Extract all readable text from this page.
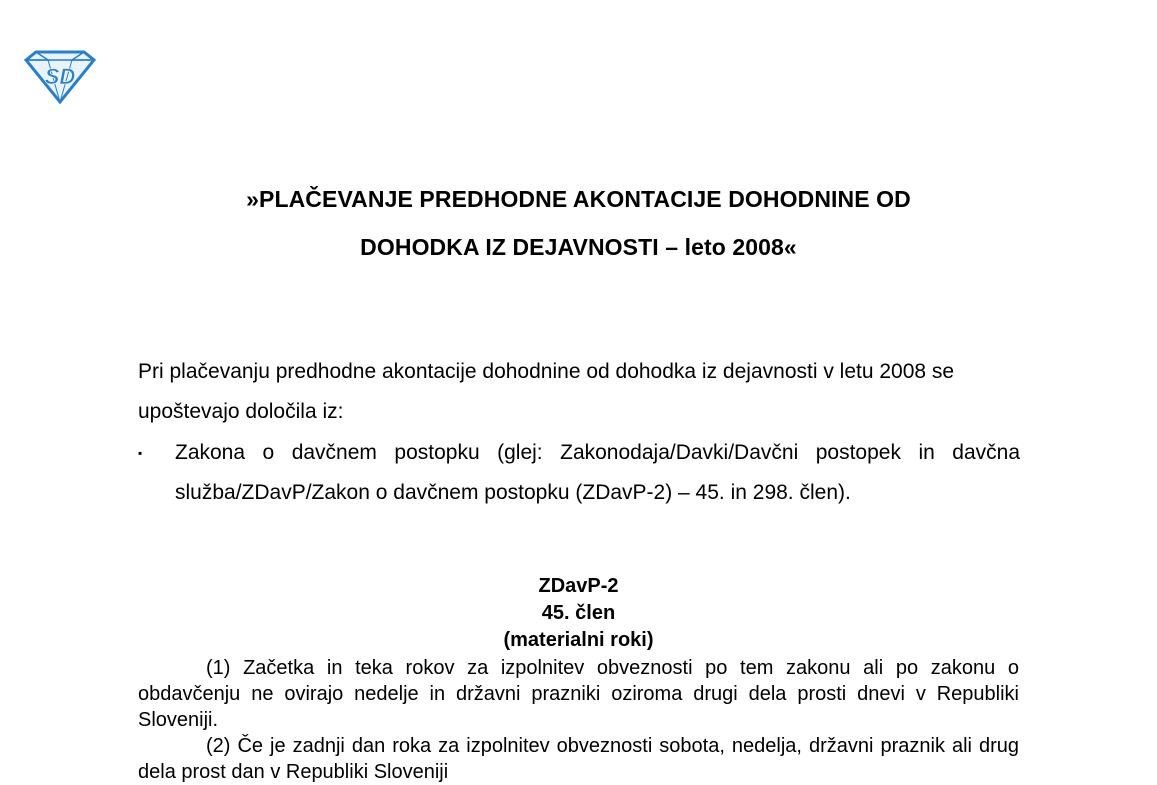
SD
»PLAČEVANJE PREDHODNE AKONTACIJE DOHODNINE OD
DOHODKA IZ DEJAVNOSTI – leto 2008«
Pri plačevanju predhodne akontacije dohodnine od dohodka iz dejavnosti v letu 2008 se upoštevajo določila iz:
▪ Zakona o davčnem postopku (glej: Zakonodaja/Davki/Davčni postopek in davčna služba/ZDavP/Zakon o davčnem postopku (ZDavP-2) – 45. in 298. člen).
ZDavP-2
45. člen
(materialni roki)
(1) Začetka in teka rokov za izpolnitev obveznosti po tem zakonu ali po zakonu o obdavčenju ne ovirajo nedelje in državni prazniki oziroma drugi dela prosti dnevi v Republiki Sloveniji.
(2) Če je zadnji dan roka za izpolnitev obveznosti sobota, nedelja, državni praznik ali drug dela prost dan v Republiki Sloveniji
